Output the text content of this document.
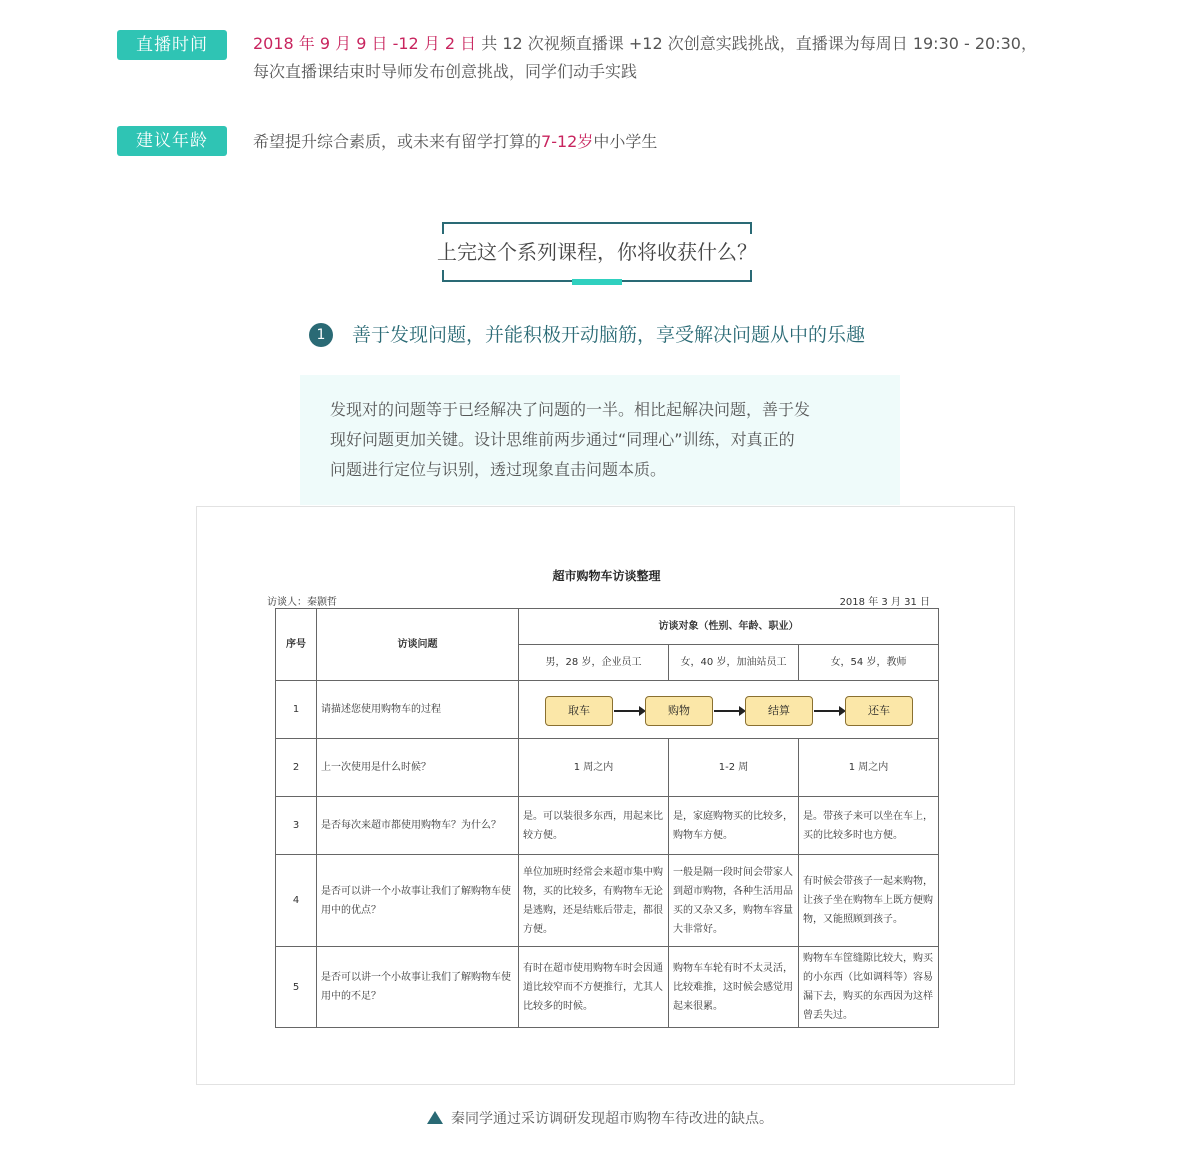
直播时间	2018 年 9 月 9 日 -12 月 2 日 共 12 次视频直播课 +12 次创意实践挑战，直播课为每周日 19:30 - 20:30，
每次直播课结束时导师发布创意挑战，同学们动手实践
建议年龄	希望提升综合素质，或未来有留学打算的7-12岁中小学生
上完这个系列课程，你将收获什么？
1	善于发现问题，并能积极开动脑筋，享受解决问题从中的乐趣
发现对的问题等于已经解决了问题的一半。相比起解决问题，善于发
现好问题更加关键。设计思维前两步通过“同理心”训练，对真正的
问题进行定位与识别，透过现象直击问题本质。
超市购物车访谈整理
访谈人：秦颢哲	2018 年 3 月 31 日
序号	访谈问题	访谈对象（性别、年龄、职业）		
		男，28 岁，企业员工	女，40 岁，加油站员工	女，54 岁，教师
1	请描述您使用购物车的过程	取车 购物 结算 还车		

2	上一次使用是什么时候？	1 周之内	1-2 周	1 周之内
3	是否每次来超市都使用购物车？为什么？	是。可以装很多东西，用起来比较方便。	是，家庭购物买的比较多，购物车方便。	是。带孩子来可以坐在车上，买的比较多时也方便。
4	是否可以讲一个小故事让我们了解购物车使用中的优点？	单位加班时经常会来超市集中购物，买的比较多，有购物车无论是逃购，还是结账后带走，都很方便。	一般是隔一段时间会带家人到超市购物，各种生活用品买的又杂又多，购物车容量大非常好。	有时候会带孩子一起来购物，让孩子坐在购物车上既方便购物，又能照顾到孩子。
5	是否可以讲一个小故事让我们了解购物车使用中的不足？	有时在超市使用购物车时会因通道比较窄而不方便推行，尤其人比较多的时候。	购物车车轮有时不太灵活，比较难推，这时候会感觉用起来很累。	购物车车筐缝隙比较大，购买的小东西（比如调料等）容易漏下去，购买的东西因为这样曾丢失过。
秦同学通过采访调研发现超市购物车待改进的缺点。
